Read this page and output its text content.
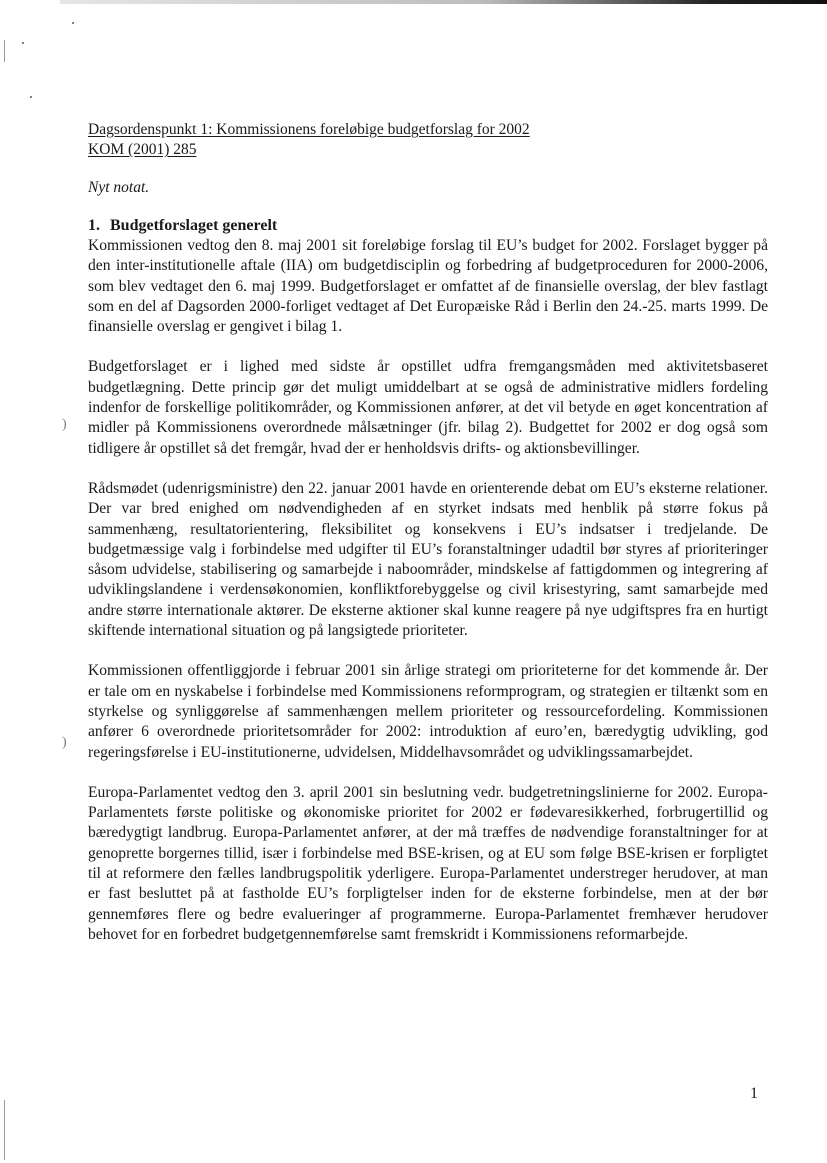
)
)
Dagsordenspunkt 1: Kommissionens foreløbige budgetforslag for 2002
KOM (2001) 285
Nyt notat.
1. Budgetforslaget generelt

Kommissionen vedtog den 8. maj 2001 sit foreløbige forslag til EU’s budget for 2002. Forslaget bygger på den inter-institutionelle aftale (IIA) om budgetdisciplin og forbedring af budgetproceduren for 2000-2006, som blev vedtaget den 6. maj 1999. Budgetforslaget er omfattet af de finansielle overslag, der blev fastlagt som en del af Dagsorden 2000-forliget vedtaget af Det Europæiske Råd i Berlin den 24.-25. marts 1999. De finansielle overslag er gengivet i bilag 1.

Budgetforslaget er i lighed med sidste år opstillet udfra fremgangsmåden med aktivitetsbaseret budgetlægning. Dette princip gør det muligt umiddelbart at se også de administrative midlers fordeling indenfor de forskellige politikområder, og Kommissionen anfører, at det vil betyde en øget koncentration af midler på Kommissionens overordnede målsætninger (jfr. bilag 2). Budgettet for 2002 er dog også som tidligere år opstillet så det fremgår, hvad der er henholdsvis drifts- og aktionsbevillinger.

Rådsmødet (udenrigsministre) den 22. januar 2001 havde en orienterende debat om EU’s eksterne relationer. Der var bred enighed om nødvendigheden af en styrket indsats med henblik på større fokus på sammenhæng, resultatorientering, fleksibilitet og konsekvens i EU’s indsatser i tredjelande. De budgetmæssige valg i forbindelse med udgifter til EU’s foranstaltninger udadtil bør styres af prioriteringer såsom udvidelse, stabilisering og samarbejde i naboområder, mindskelse af fattigdommen og integrering af udviklingslandene i verdensøkonomien, konfliktforebyggelse og civil krisestyring, samt samarbejde med andre større internationale aktører. De eksterne aktioner skal kunne reagere på nye udgiftspres fra en hurtigt skiftende international situation og på langsigtede prioriteter.

Kommissionen offentliggjorde i februar 2001 sin årlige strategi om prioriteterne for det kommende år. Der er tale om en nyskabelse i forbindelse med Kommissionens reformprogram, og strategien er tiltænkt som en styrkelse og synliggørelse af sammenhængen mellem prioriteter og ressourcefordeling. Kommissionen anfører 6 overordnede prioritetsområder for 2002: introduktion af euro’en, bæredygtig udvikling, god regeringsførelse i EU-institutionerne, udvidelsen, Middelhavsområdet og udviklingssamarbejdet.

Europa-Parlamentet vedtog den 3. april 2001 sin beslutning vedr. budgetretningslinierne for 2002. Europa-Parlamentets første politiske og økonomiske prioritet for 2002 er fødevaresikkerhed, forbrugertillid og bæredygtigt landbrug. Europa-Parlamentet anfører, at der må træffes de nødvendige foranstaltninger for at genoprette borgernes tillid, især i forbindelse med BSE-krisen, og at EU som følge BSE-krisen er forpligtet til at reformere den fælles landbrugspolitik yderligere. Europa-Parlamentet understreger herudover, at man er fast besluttet på at fastholde EU’s forpligtelser inden for de eksterne forbindelse, men at der bør gennemføres flere og bedre evalueringer af programmerne. Europa-Parlamentet fremhæver herudover behovet for en forbedret budgetgennemførelse samt fremskridt i Kommissionens reformarbejde.

1
